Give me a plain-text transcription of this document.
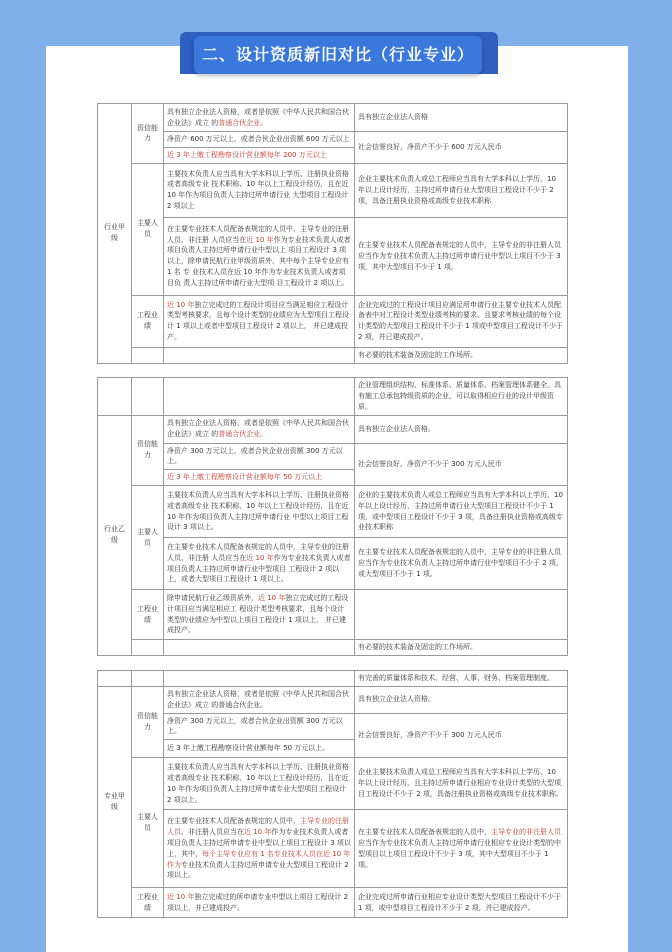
二、设计资质新旧对比（行业专业）
行业甲级	资信能力	具有独立企业法人资格，或者是依照《中华人民共和国合伙企业法》成立 的普通合伙企业。	具有独立企业法人资格
		净资产 600 万元以上，或者合伙企业出资额 600 万元以上	社会信誉良好，净资产不少于 600 万元人民币
		近 3 年上缴工程勘察设计营业额每年 200 万元以上	
	主要人员	主要技术负责人应当具有大学本科以上学历、注册执业资格或者高级专业 技术职称、10 年以上工程设计经历，且在近 10 年作为项目负责人主持过所申请行业 大型项目工程设计 2 项以上	企业主要技术负责人或总工程师应当具有大学本科以上学历、10 年以上设计经历，主持过所申请行业大型项目工程设计不少于 2 项，具备注册执业资格或高级专业技术职称
		在主要专业技术人员配备表规定的人员中，主导专业的注册人员、非注册 人员应当在近 10 年作为专业技术负责人或者项目负责人主持过所申请行业中型以上 项目工程设计 3 项以上，除申请民航行业甲级资质外，其中每个主导专业应有 1 名 专 业技术人员在近 10 年作为专业技术负责人或者项目负 责人主持过所申请行业大型项 目工程设计 2 项以上。	在主要专业技术人员配备表规定的人员中，主导专业的非注册人员应当作为专业技术负责人主持过所申请行业中型以上项目不少于 3 项，其中大型项目不少于 1 项。
	工程业绩	近 10 年独立完成过的工程设计项目应当满足相应工程设计类型考核要求，且每个设计类型的业绩应为大型项目工程设计 1 项以上或者中型项目工程设计 2 项以上， 并已建成投产。	企业完成过的工程设计项目应满足所申请行业主要专业技术人员配备表中对工程设计类型业绩考核的要求，且要求考核业绩的每个设计类型的大型项目工程设计不少于 1 项或中型项目工程设计不少于 2 项，并已建成投产。
			有必要的技术装备及固定的工作场所。
			企业管理组织结构、标准体系、质量体系、档案管理体系健全。具有施工总承包特级资质的企业，可以取得相应行业的设计甲级资质。
行业乙级	资信能力	具有独立企业法人资格，或者是依照《中华人民共和国合伙企业法》成立 的普通合伙企业。	具有独立企业法人资格。
		净资产 300 万元以上，或者合伙企业出资额 300 万元以上。	社会信誉良好，净资产不少于 300 万元人民币
		近 3 年上缴工程勘察设计营业额每年 50 万元以上	
	主要人员	主要技术负责人应当具有大学本科以上学历、注册执业资格或者高级专业 技术职称、10 年以上工程设计经历，且在近 10 年作为项目负责人主持过所申请行业 中型以上项目工程设计 3 项以上。	企业的主要技术负责人或总工程师应当具有大学本科以上学历、10 年以上设计经历，主持过所申请行业大型项目工程设计不少于 1 项，或中型项目工程设计不少于 3 项，具备注册执业资格或高级专业技术职称
		在主要专业技术人员配备表规定的人员中，主导专业的注册人员、非注册 人员应当在近 10 年作为专业技术负责人或者项目负责人主持过所申请行业中型项目 工程设计 2 项以上，或者大型项目工程设计 1 项以上。	在主要专业技术人员配备表规定的人员中，主导专业的非注册人员应当作为专业技术负责人主持过所申请行业中型项目不少于 2 项，或大型项目不少于 1 项。
	工程业绩	除申请民航行业乙级资质外，近 10 年独立完成过的工程设计项目应当满足相应工 程设计类型考核要求，且每个设计类型的业绩应为中型以上项目工程设计 1 项以上， 并已建成投产。	
			有必要的技术装备及固定的工作场所。
			有完善的质量体系和技术、经营、人事、财务、档案管理制度。
专业甲级	资信能力	具有独立企业法人资格，或者是依照《中华人民共和国合伙企业法》成立 的普通合伙企业。	具有独立企业法人资格。
		净资产 300 万元以上，或者合伙企业出资额 300 万元以上。	社会信誉良好，净资产不少于 300 万元人民币
		近 3 年上缴工程勘察设计营业额每年 50 万元以上。	
	主要人员	主要技术负责人应当具有大学本科以上学历、注册执业资格或者高级专业 技术职称、10 年以上工程设计经历，且在近 10 年作为项目负责人主持过所申请专业大型项目工程设计 2 项以上。	企业主要技术负责人或总工程师应当具有大学本科以上学历、10 年以上设计经历，且主持过所申请行业相应专业设计类型的大型项目工程设计不少于 2 项，具备注册执业资格或高级专业技术职称。
		在主要专业技术人员配备表规定的人员中，主导专业的注册人员、非注册人员应当在近 10 年作为专业技术负责人或者项目负责人主持过所申请专业中型以上项目工程设计 3 项以上，其中，每个主导专业应有 1 名专业技术人员在近 10 年作为专业技术负责人主持过所申请专业大型项目工程设计 2 项以上。	在主要专业技术人员配备表规定的人员中，主导专业的非注册人员应当作为专业技术负责人主持过所申请行业相应专业设计类型的中型项目以上项目工程设计不少于 3 项，其中大型项目不少于 1 项。
	工程业绩	近 10 年独立完成过的所申请专业中型以上项目工程设计 2 项以上，并已建成投产。	企业完成过所申请行业相应专业设计类型大型项目工程设计不少于 1 项，或中型项目工程设计不少于 2 项，并已建成投产。
